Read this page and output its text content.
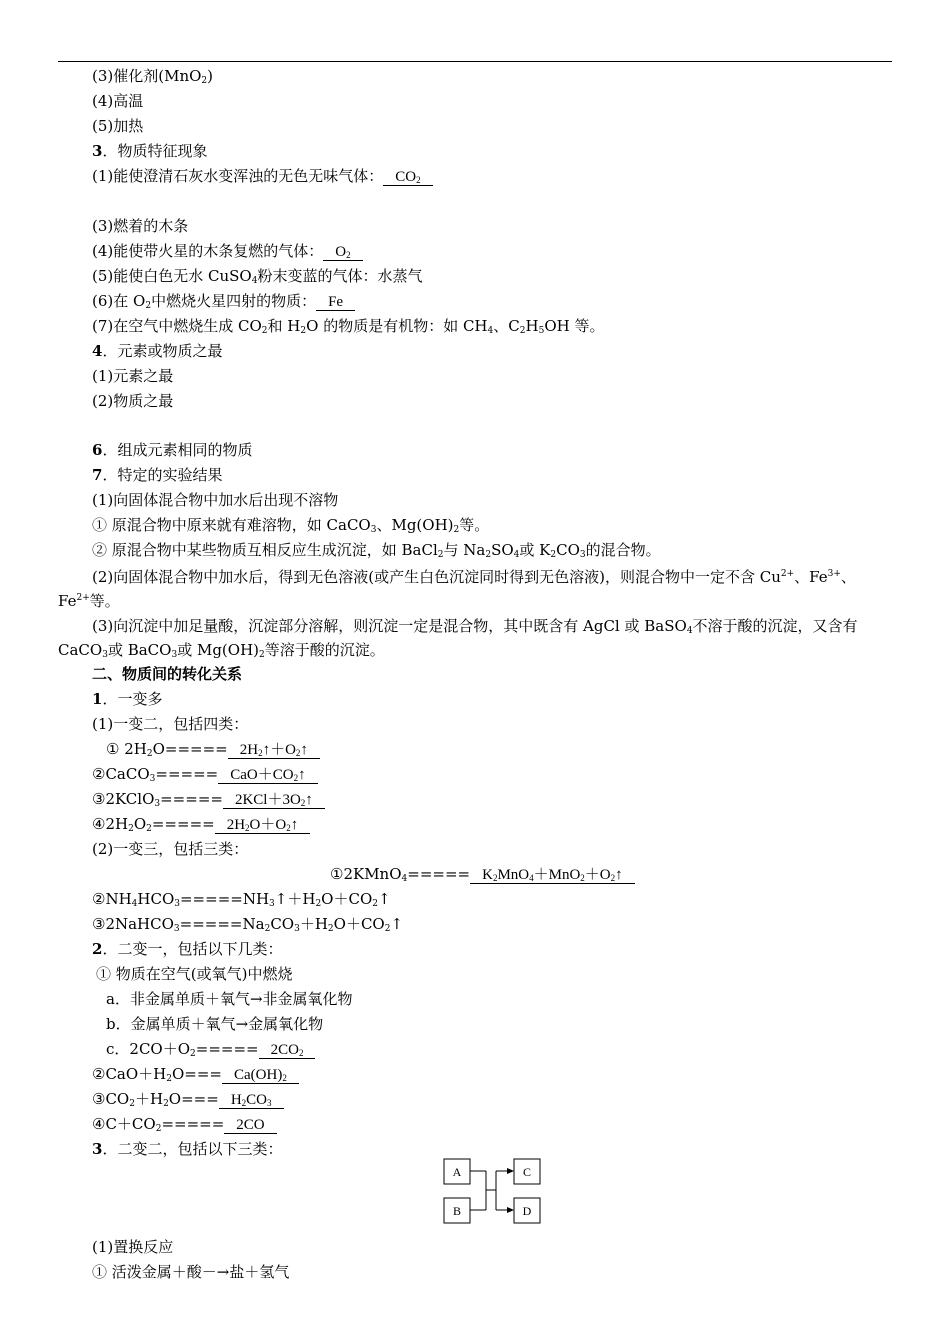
(3)催化剂(MnO$_2$)
(4)高温
(5)加热
3．物质特征现象
(1)能使澄清石灰水变浑浊的无色无味气体： $CO_2$
(3)燃着的木条
(4)能使带火星的木条复燃的气体： $O_2$
(5)能使白色无水 CuSO$_4$粉末变蓝的气体：水蒸气
(6)在 $O_2$中燃烧火星四射的物质： Fe
(7)在空气中燃烧生成 $CO_2$和 $H_2O$ 的物质是有机物：如 $CH_4$、$C_2H_5OH$ 等。
4．元素或物质之最
(1)元素之最
(2)物质之最
6．组成元素相同的物质
7．特定的实验结果
(1)向固体混合物中加水后出现不溶物
① 原混合物中原来就有难溶物，如 CaCO$_3$、$Mg(OH)_2$等。
② 原混合物中某些物质互相反应生成沉淀，如 BaCl$_2$与 $Na_2SO_4$或 $K_2CO_3$的混合物。
(2)向固体混合物中加水后，得到无色溶液(或产生白色沉淀同时得到无色溶液)，则混合物中一定不含 $Cu^{2+}$、$Fe^{3+}$、$Fe^{2+}$等。
(3)向沉淀中加足量酸，沉淀部分溶解，则沉淀一定是混合物，其中既含有 AgCl 或 BaSO$_4$不溶于酸的沉淀，又含有 CaCO$_3$或 BaCO$_3$或 $Mg(OH)_2$等溶于酸的沉淀。
二、物质间的转化关系
1．一变多
(1)一变二，包括四类：
① $2H_2O=====$ $2H_2↑+O_2↑$
②CaCO$_3$===== $CaO+CO_2↑$
③2KClO$_3$===== $2KCl+3O_2↑$
$④2H_2O_2=====$ $2H_2O+O_2↑$
(2)一变三，包括三类：
①2KMnO$_4$===== $K_2MnO_4+MnO_2+O_2↑$
$②NH_4HCO_3=====NH_3↑+H_2O+CO_2↑$
$③2NaHCO_3=====Na_2CO_3+H_2O+CO_2↑$
2．二变一，包括以下几类：
① 物质在空气(或氧气)中燃烧
a．非金属单质＋氧气→非金属氧化物
b．金属单质＋氧气→金属氧化物
c．$2CO+O_2===== 2CO_2$
$②CaO+H_2O=== Ca(OH)_2$
$③CO_2+H_2O=== H_2CO_3$
$④C+CO_2===== 2CO$
3．二变二，包括以下三类：
A
B
C
D
(1)置换反应
① 活泼金属＋酸－→盐＋氢气
